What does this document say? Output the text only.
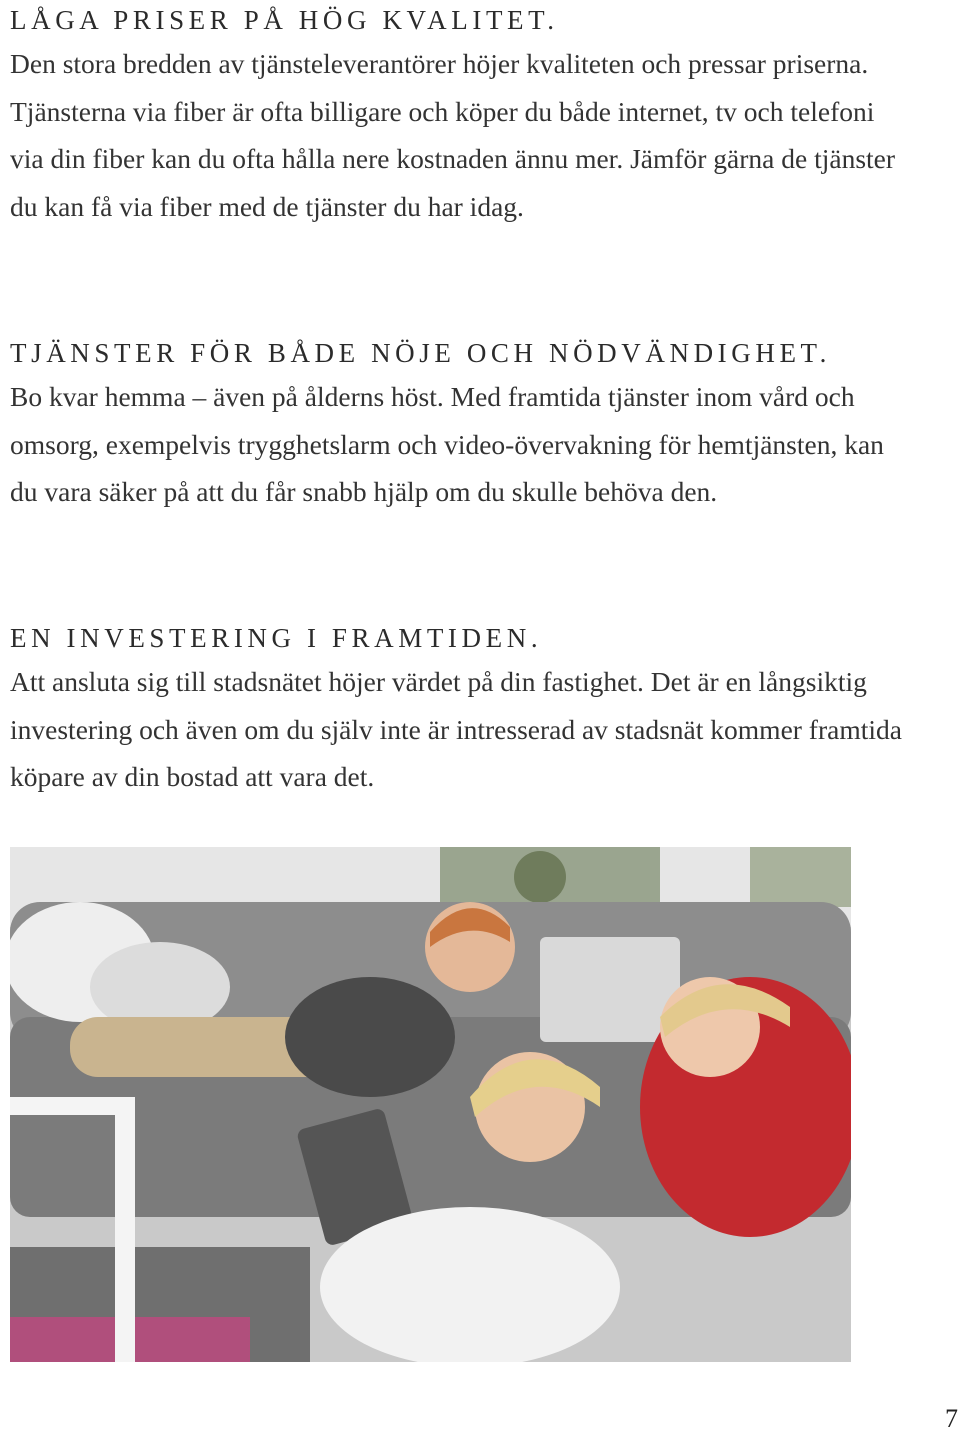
LÅGA PRISER PÅ HÖG KVALITET.

Den stora bredden av tjänsteleverantörer höjer kvaliteten och pressar priserna. Tjänsterna via fiber är ofta billigare och köper du både internet, tv och telefoni via din fiber kan du ofta hålla nere kostnaden ännu mer. Jämför gärna de tjänster du kan få via fiber med de tjänster du har idag.

TJÄNSTER FÖR BÅDE NÖJE OCH NÖDVÄNDIGHET.

Bo kvar hemma – även på ålderns höst. Med framtida tjänster inom vård och omsorg, exempelvis trygghetslarm och video-övervakning för hemtjänsten, kan du vara säker på att du får snabb hjälp om du skulle behöva den.

EN INVESTERING I FRAMTIDEN.

Att ansluta sig till stadsnätet höjer värdet på din fastighet. Det är en långsiktig investering och även om du själv inte är intresserad av stadsnät kommer framtida köpare av din bostad att vara det.

7
